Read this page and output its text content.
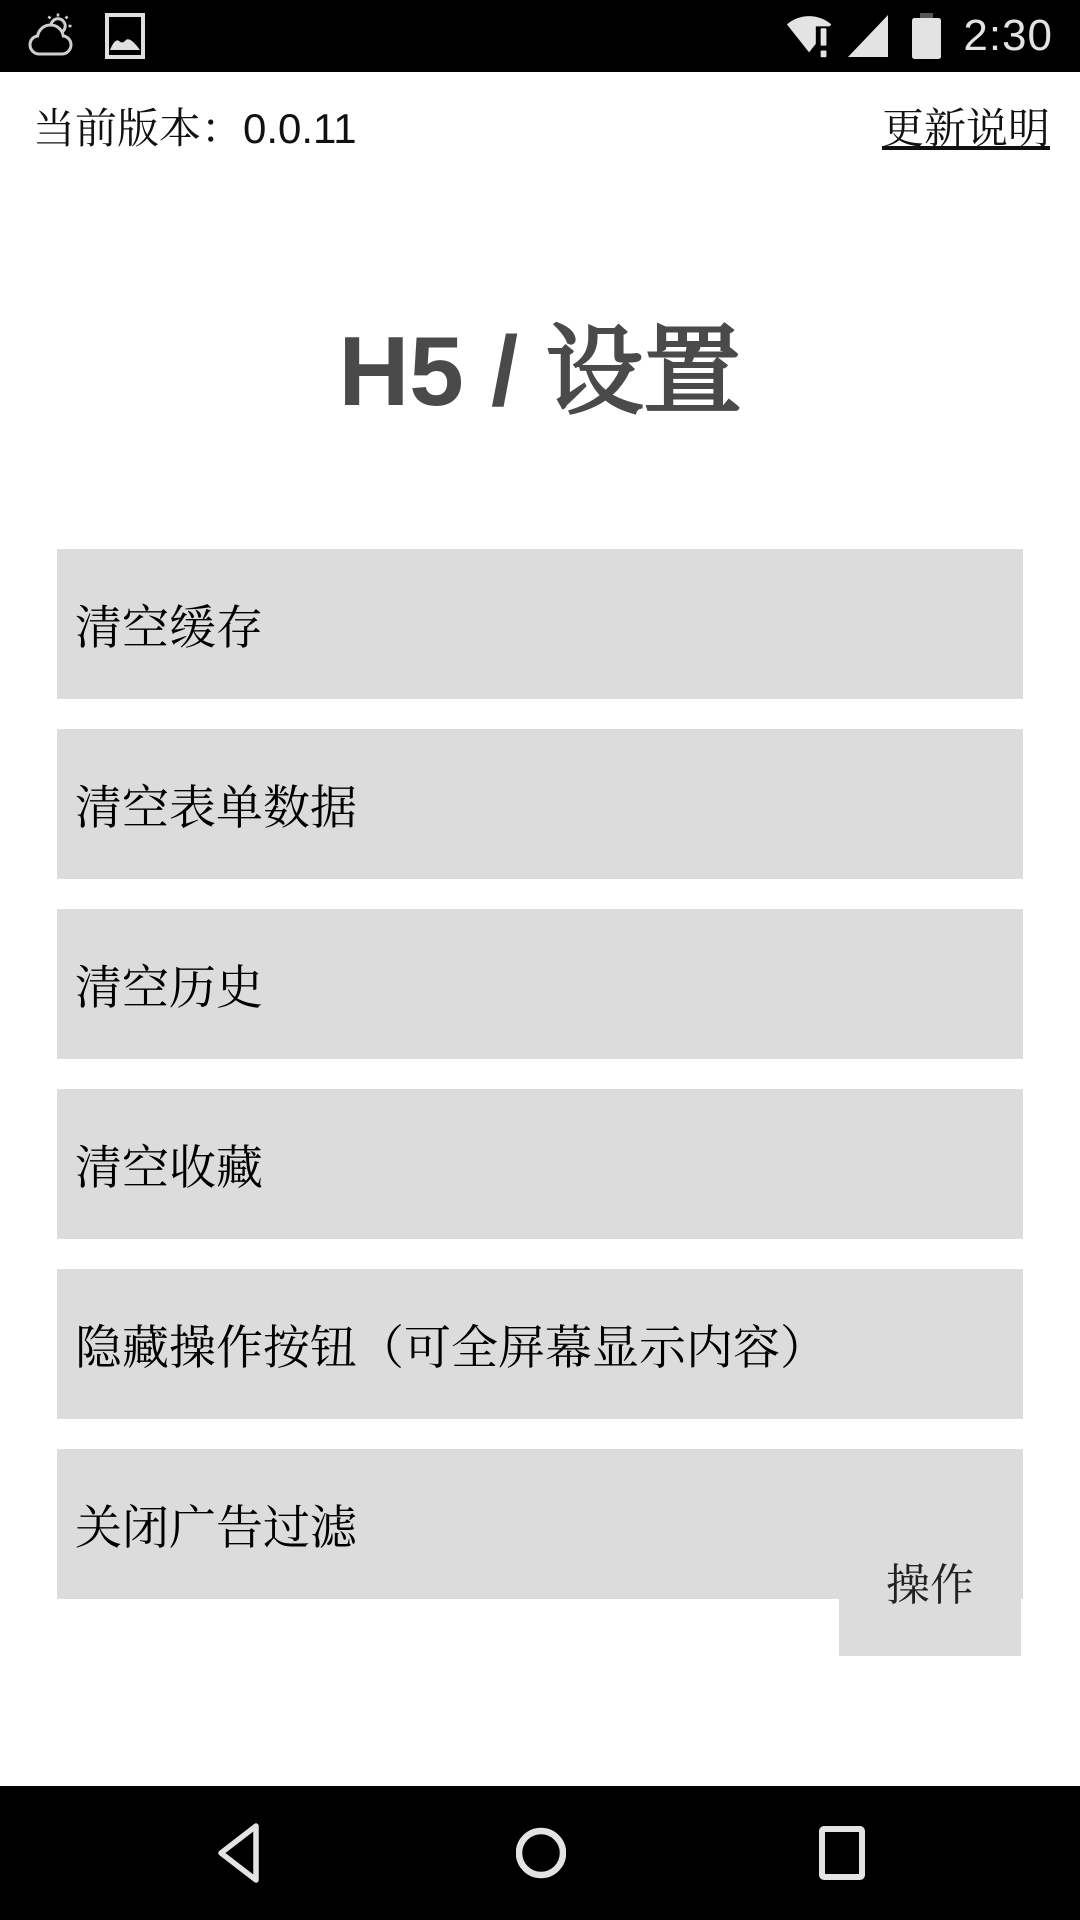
2:30
当前版本：0.0.11	更新说明
H5 / 设置
清空缓存
清空表单数据
清空历史
清空收藏
隐藏操作按钮（可全屏幕显示内容）
关闭广告过滤
操作
